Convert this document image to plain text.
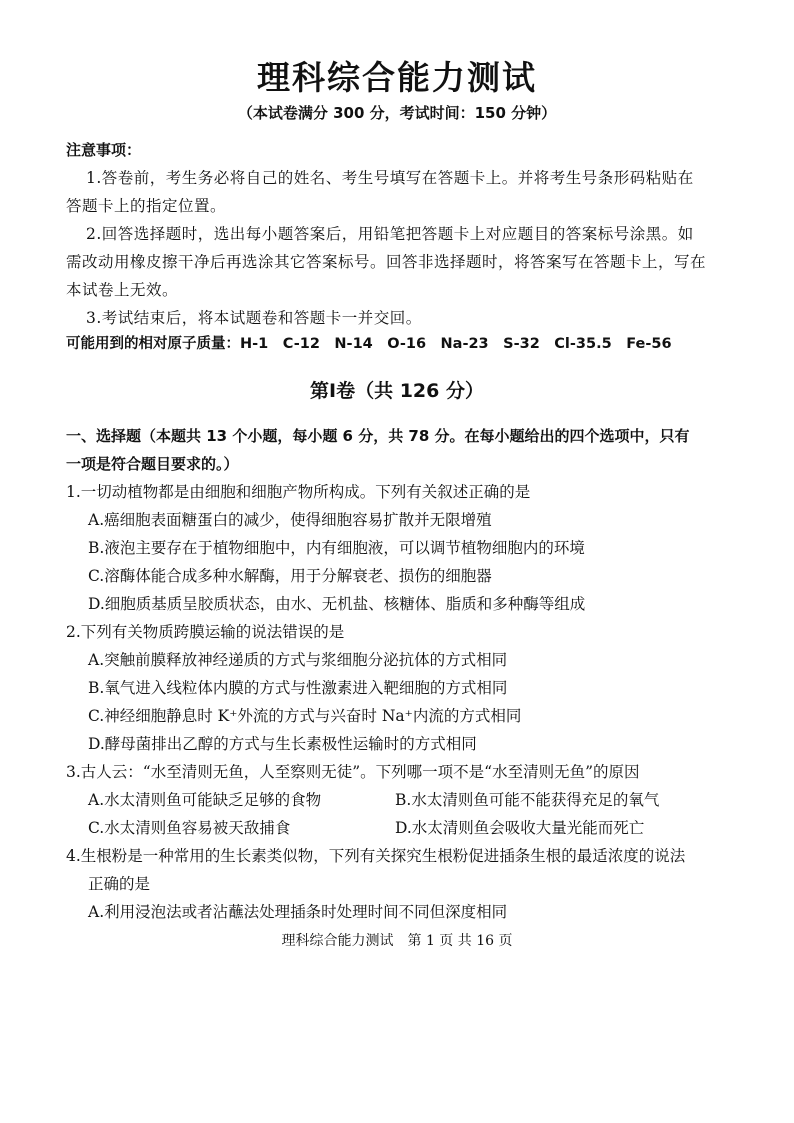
理科综合能力测试
（本试卷满分 300 分，考试时间：150 分钟）
注意事项：
1.答卷前，考生务必将自己的姓名、考生号填写在答题卡上。并将考生号条形码粘贴在
答题卡上的指定位置。
2.回答选择题时，选出每小题答案后，用铅笔把答题卡上对应题目的答案标号涂黑。如
需改动用橡皮擦干净后再选涂其它答案标号。回答非选择题时，将答案写在答题卡上，写在
本试卷上无效。
3.考试结束后，将本试题卷和答题卡一并交回。
可能用到的相对原子质量：H-1　C-12　N-14　O-16　Na-23　S-32　Cl-35.5　Fe-56
第Ⅰ卷（共 126 分）
一、选择题（本题共 13 个小题，每小题 6 分，共 78 分。在每小题给出的四个选项中，只有
一项是符合题目要求的。）
1.一切动植物都是由细胞和细胞产物所构成。下列有关叙述正确的是
A.癌细胞表面糖蛋白的减少，使得细胞容易扩散并无限增殖
B.液泡主要存在于植物细胞中，内有细胞液，可以调节植物细胞内的环境
C.溶酶体能合成多种水解酶，用于分解衰老、损伤的细胞器
D.细胞质基质呈胶质状态，由水、无机盐、核糖体、脂质和多种酶等组成
2.下列有关物质跨膜运输的说法错误的是
A.突触前膜释放神经递质的方式与浆细胞分泌抗体的方式相同
B.氧气进入线粒体内膜的方式与性激素进入靶细胞的方式相同
C.神经细胞静息时 K⁺外流的方式与兴奋时 Na⁺内流的方式相同
D.酵母菌排出乙醇的方式与生长素极性运输时的方式相同
3.古人云：“水至清则无鱼，人至察则无徒”。下列哪一项不是“水至清则无鱼”的原因
A.水太清则鱼可能缺乏足够的食物	B.水太清则鱼可能不能获得充足的氧气
C.水太清则鱼容易被天敌捕食	D.水太清则鱼会吸收大量光能而死亡
4.生根粉是一种常用的生长素类似物，下列有关探究生根粉促进插条生根的最适浓度的说法
正确的是
A.利用浸泡法或者沾蘸法处理插条时处理时间不同但深度相同
理科综合能力测试　第 1 页 共 16 页
